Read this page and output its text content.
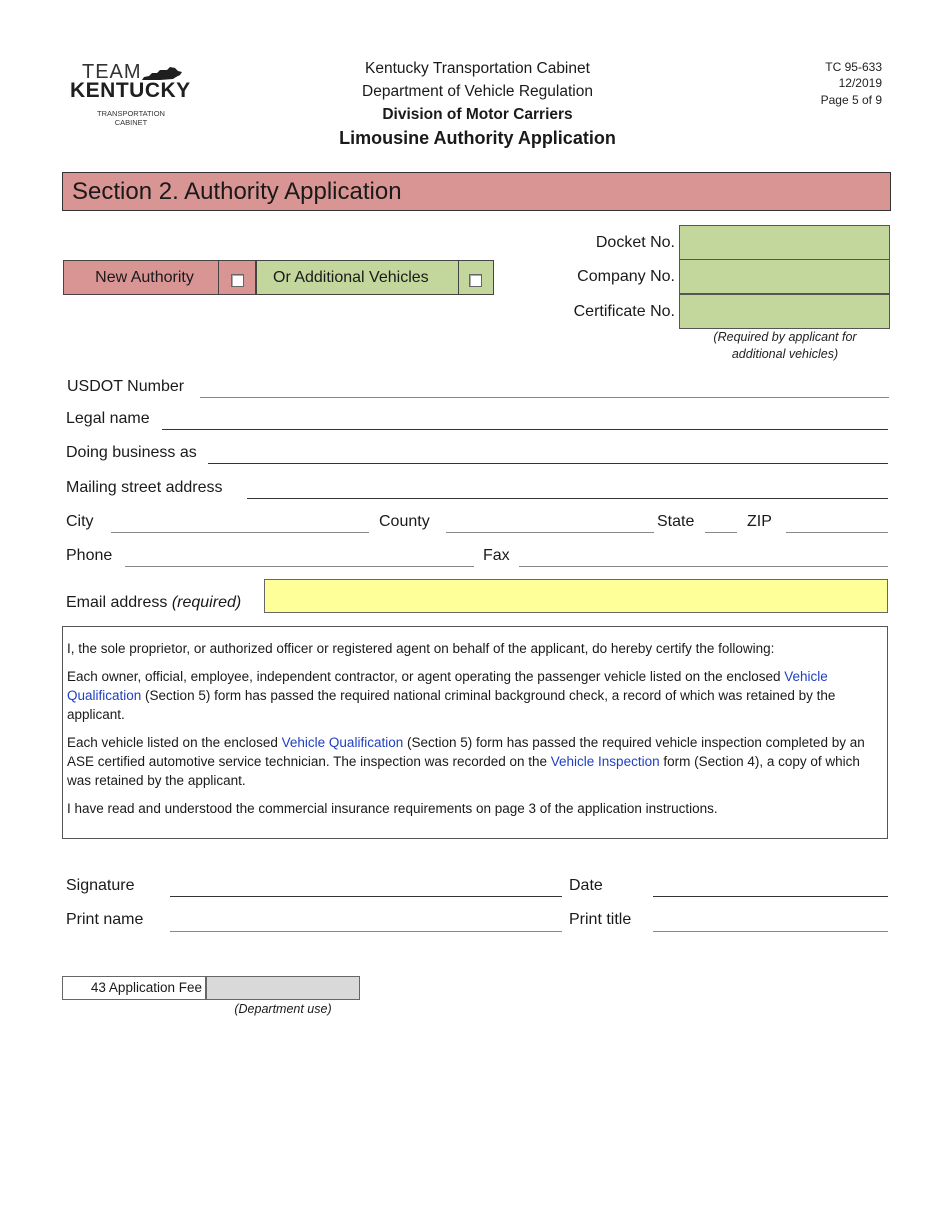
TEAM
KENTUCKY
TRANSPORTATION
CABINET
Kentucky Transportation Cabinet
Department of Vehicle Regulation
Division of Motor Carriers
Limousine Authority Application
TC 95-633
12/2019
Page 5 of 9
Section 2. Authority Application
New Authority	Or Additional Vehicles
Docket No.
Company No.
Certificate No.
(Required by applicant for
additional vehicles)
USDOT Number
Legal name
Doing business as
Mailing street address
City	County	State	ZIP
Phone	Fax
Email address (required)

I, the sole proprietor, or authorized officer or registered agent on behalf of the applicant, do hereby certify the following:

Each owner, official, employee, independent contractor, or agent operating the passenger vehicle listed on the enclosed Vehicle Qualification (Section 5) form has passed the required national criminal background check, a record of which was retained by the applicant.

Each vehicle listed on the enclosed Vehicle Qualification (Section 5) form has passed the required vehicle inspection completed by an ASE certified automotive service technician. The inspection was recorded on the Vehicle Inspection form (Section 4), a copy of which was retained by the applicant.

I have read and understood the commercial insurance requirements on page 3 of the application instructions.

Signature	Date
Print name	Print title
43 Application Fee
(Department use)
